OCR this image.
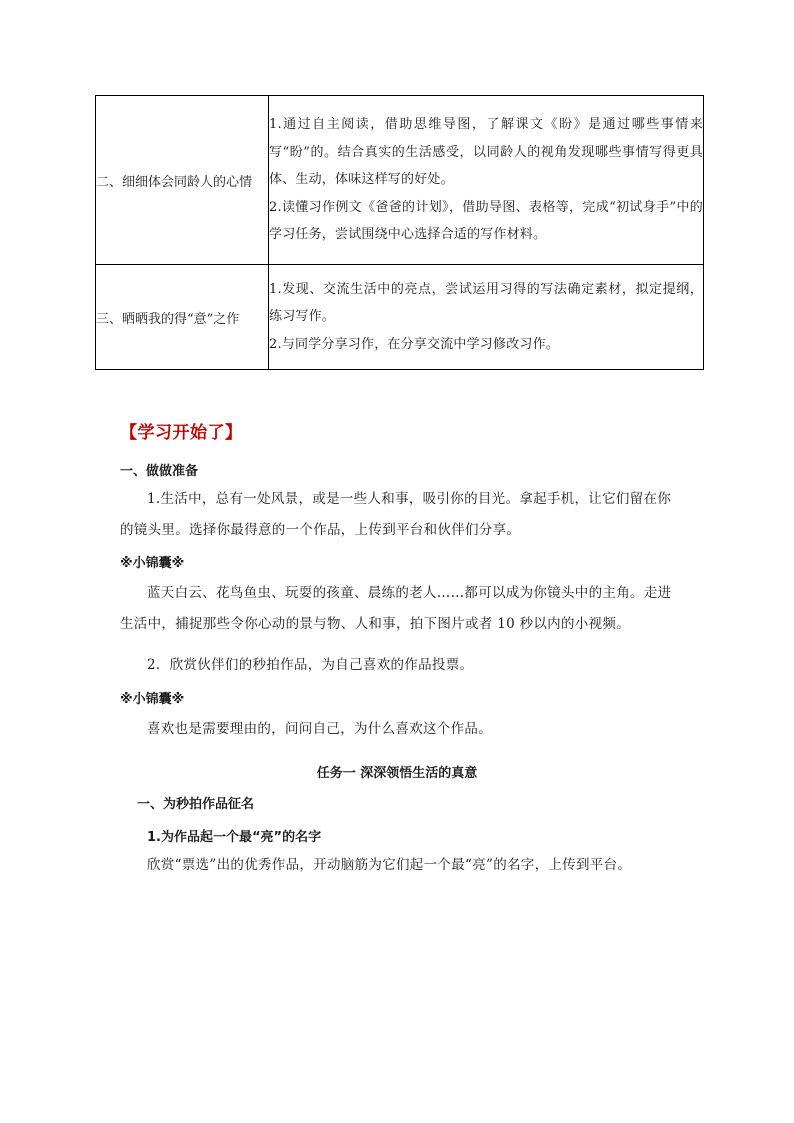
二、细细体会同龄人的心情	1.通过自主阅读，借助思维导图，了解课文《盼》是通过哪些事情来写“盼”的。结合真实的生活感受，以同龄人的视角发现哪些事情写得更具体、生动，体味这样写的好处。

2.读懂习作例文《爸爸的计划》，借助导图、表格等，完成“初试身手”中的学习任务，尝试围绕中心选择合适的写作材料。

三、晒晒我的得“意”之作	1.发现、交流生活中的亮点，尝试运用习得的写法确定素材，拟定提纲，练习写作。

2.与同学分享习作，在分享交流中学习修改习作。

【学习开始了】
一、做做准备
1.生活中，总有一处风景，或是一些人和事，吸引你的目光。拿起手机，让它们留在你
的镜头里。选择你最得意的一个作品，上传到平台和伙伴们分享。
※小锦囊※
蓝天白云、花鸟鱼虫、玩耍的孩童、晨练的老人……都可以成为你镜头中的主角。走进
生活中，捕捉那些令你心动的景与物、人和事，拍下图片或者 10 秒以内的小视频。
2．欣赏伙伴们的秒拍作品，为自己喜欢的作品投票。
※小锦囊※
喜欢也是需要理由的，问问自己，为什么喜欢这个作品。
任务一 深深领悟生活的真意
一、为秒拍作品征名
1.为作品起一个最“亮”的名字
欣赏“票选”出的优秀作品，开动脑筋为它们起一个最“亮”的名字，上传到平台。
